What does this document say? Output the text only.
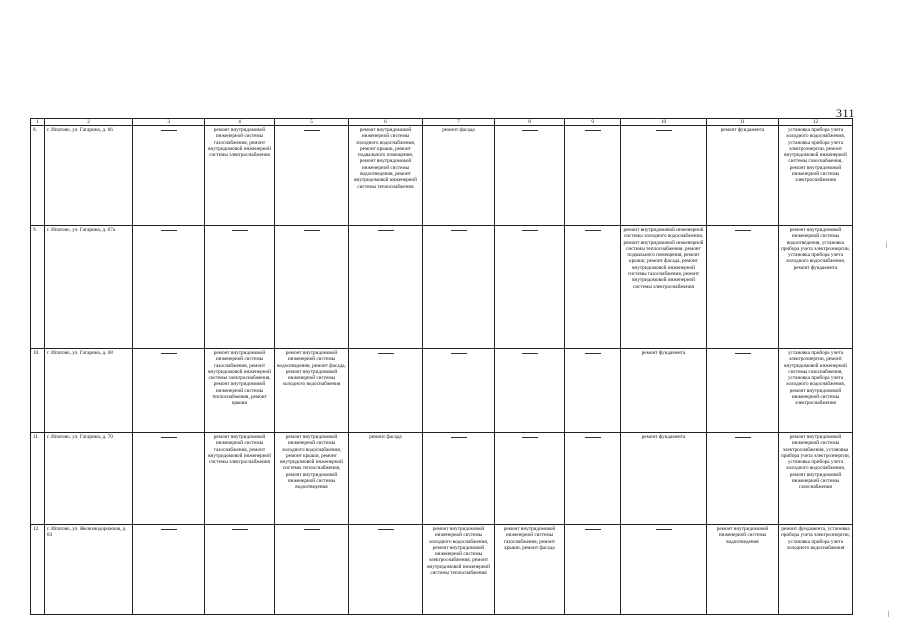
311
1	2	3	4	5	6	7	8	9	10	11	12
8.	г. Ипатово, ул. Гагарина, д. 66		ремонт внутридомовой инженерной системы газоснабжения, ремонт внутридомовой инженерной системы электроснабжения		ремонт внутридомовой инженерной системы холодного водоснабжения, ремонт крыши, ремонт подвального помещения, ремонт внутридомовой инженерной системы водоотведения, ремонт внутридомовой инженерной системы теплоснабжения	ремонт фасада				ремонт фундамента	установка прибора учета холодного водоснабжения, установка прибора учета электроэнергии, ремонт внутридомовой инженерной системы газоснабжения, ремонт внутридомовой инженерной системы электроснабжения
9.	г. Ипатово, ул. Гагарина, д. 67а								ремонт внутридомовой инженерной системы холодного водоснабжения, ремонт внутридомовой инженерной системы теплоснабжения, ремонт подвального помещения, ремонт крыши, ремонт фасада, ремонт внутридомовой инженерной системы газоснабжения, ремонт внутридомовой инженерной системы электроснабжения		ремонт внутридомовой инженерной системы водоотведения, установка прибора учета электроэнергии, установка прибора учета холодного водоснабжения, ремонт фундамента
10.	г. Ипатово, ул. Гагарина, д. 68		ремонт внутридомовой инженерной системы газоснабжения, ремонт внутридомовой инженерной системы электроснабжения, ремонт внутридомовой инженерной системы теплоснабжения, ремонт крыши	ремонт внутридомовой инженерной системы водоотведения, ремонт фасада, ремонт внутридомовой инженерной системы холодного водоснабжения					ремонт фундамента		установка прибора учета электроэнергии, ремонт внутридомовой инженерной системы газоснабжения, установка прибора учета холодного водоснабжения, ремонт внутридомовой инженерной системы электроснабжения
11.	г. Ипатово, ул. Гагарина, д. 70		ремонт внутридомовой инженерной системы газоснабжения, ремонт внутридомовой инженерной системы электроснабжения	ремонт внутридомовой инженерной системы холодного водоснабжения, ремонт крыши, ремонт внутридомовой инженерной системы теплоснабжения, ремонт внутридомовой инженерной системы водоотведения	ремонт фасада				ремонт фундамента		ремонт внутридомовой инженерной системы электроснабжения, установка прибора учета электроэнергии, установка прибора учета холодного водоснабжения, ремонт внутридомовой инженерной системы газоснабжения
12.	г. Ипатово, ул. Железнодорожная, д. 83					ремонт внутридомовой инженерной системы холодного водоснабжения, ремонт внутридомовой инженерной системы электроснабжения, ремонт внутридомовой инженерной системы теплоснабжения	ремонт внутридомовой инженерной системы газоснабжения, ремонт крыши, ремонт фасада			ремонт внутридомовой инженерной системы водоотведения	ремонт фундамента, установка прибора учета электроэнергии, установка прибора учета холодного водоснабжения
